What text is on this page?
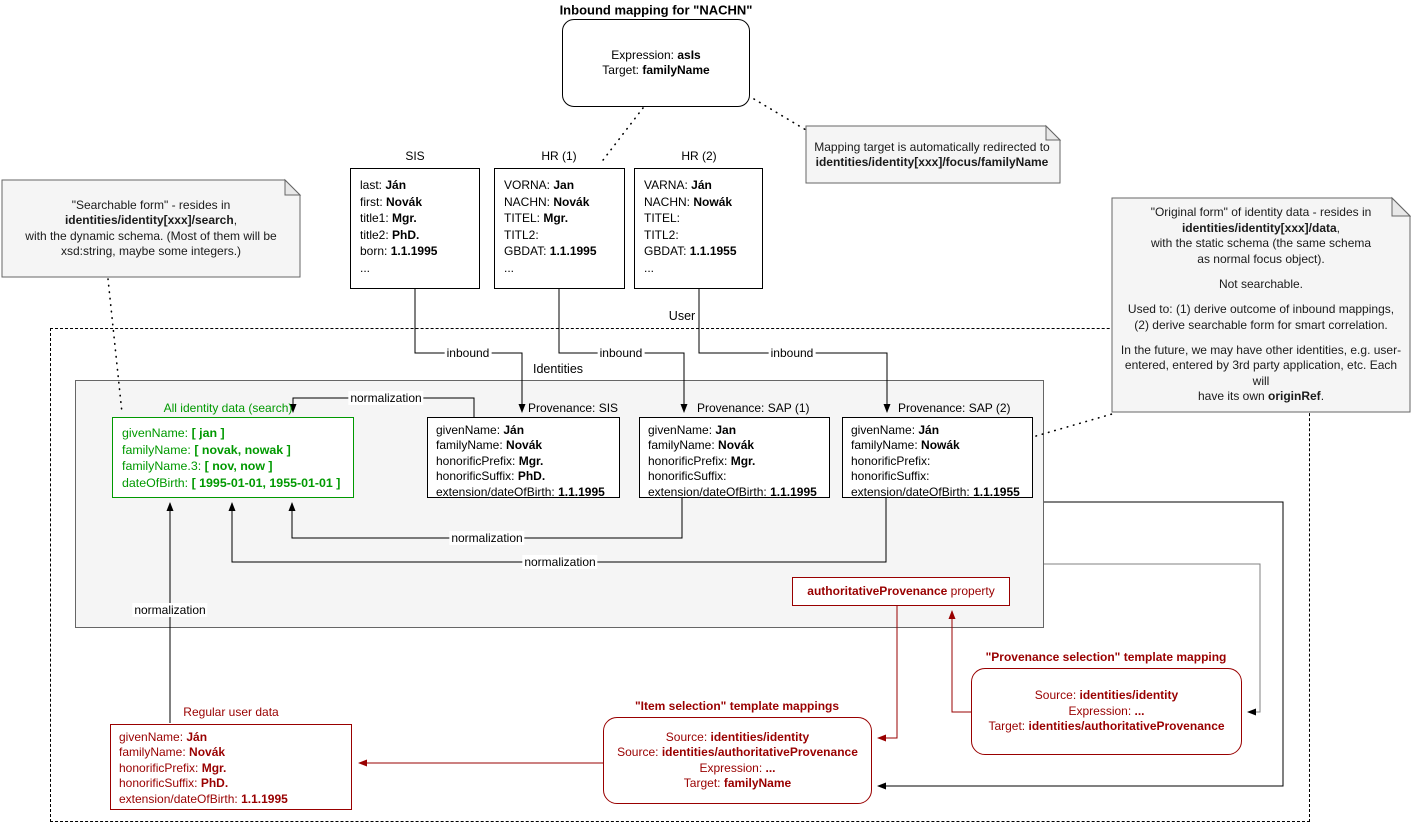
Inbound mapping for "NACHN"
Expression: asIs
Target: familyName
Mapping target is automatically redirected to
identities/identity[xxx]/focus/familyName
"Searchable form" - resides in
identities/identity[xxx]/search,
with the dynamic schema. (Most of them will be
xsd:string, maybe some integers.)
"Original form" of identity data - resides in
identities/identity[xxx]/data,
with the static schema (the same schema
as normal focus object).
Not searchable.
Used to: (1) derive outcome of inbound mappings,
(2) derive searchable form for smart correlation.
In the future, we may have other identities, e.g. user-
entered, entered by 3rd party application, etc. Each will
have its own originRef.
SIS
last: Ján
first: Novák
title1: Mgr.
title2: PhD.
born: 1.1.1995
...
HR (1)
VORNA: Jan
NACHN: Novák
TITEL: Mgr.
TITL2:
GBDAT: 1.1.1995
...
HR (2)
VARNA: Ján
NACHN: Nowák
TITEL:
TITL2:
GBDAT: 1.1.1955
...
User
Identities
All identity data (search)
givenName: [ jan ]
familyName: [ novak, nowak ]
familyName.3: [ nov, now ]
dateOfBirth: [ 1995-01-01, 1955-01-01 ]
Provenance: SIS
givenName: Ján
familyName: Novák
honorificPrefix: Mgr.
honorificSuffix: PhD.
extension/dateOfBirth: 1.1.1995
Provenance: SAP (1)
givenName: Jan
familyName: Novák
honorificPrefix: Mgr.
honorificSuffix:
extension/dateOfBirth: 1.1.1995
Provenance: SAP (2)
givenName: Ján
familyName: Nowák
honorificPrefix:
honorificSuffix:
extension/dateOfBirth: 1.1.1955
authoritativeProvenance property
"Provenance selection" template mapping
Source: identities/identity
Expression: ...
Target: identities/authoritativeProvenance
"Item selection" template mappings
Source: identities/identity
Source: identities/authoritativeProvenance
Expression: ...
Target: familyName
Regular user data
givenName: Ján
familyName: Novák
honorificPrefix: Mgr.
honorificSuffix: PhD.
extension/dateOfBirth: 1.1.1995
inbound	inbound	inbound
normalization
normalization
normalization
normalization
